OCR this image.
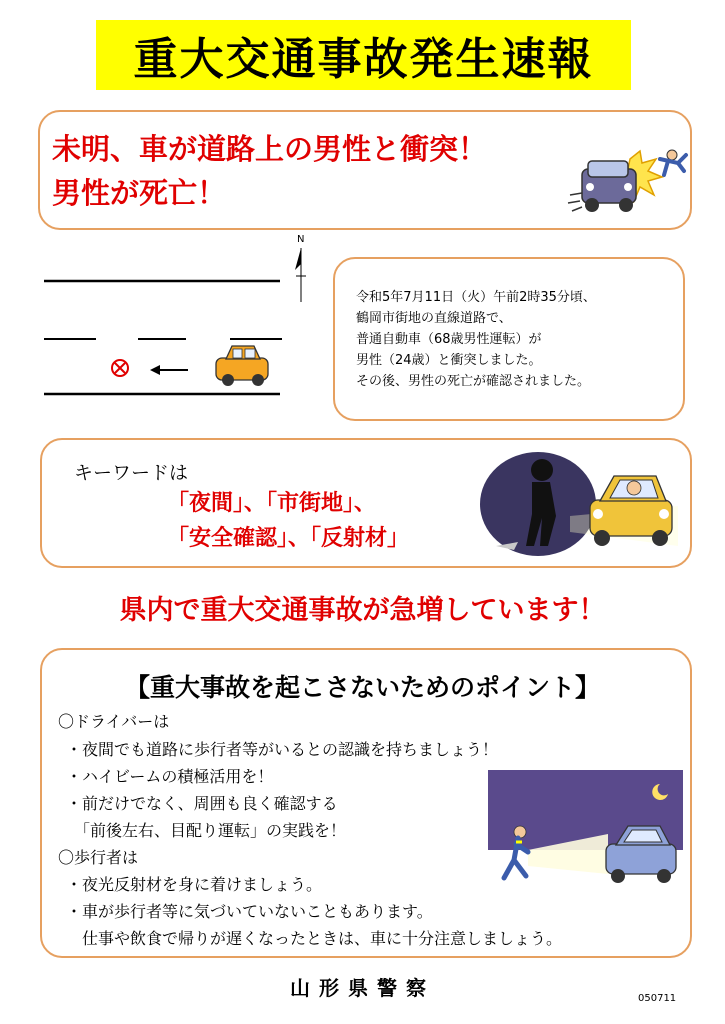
重大交通事故発生速報
未明、車が道路上の男性と衝突！
男性が死亡！
N
令和5年7月11日（火）午前2時35分頃、
鶴岡市街地の直線道路で、
普通自動車（68歳男性運転）が
男性（24歳）と衝突しました。
その後、男性の死亡が確認されました。
キーワードは
「夜間」、「市街地」、
「安全確認」、「反射材」
県内で重大交通事故が急増しています！
【重大事故を起こさないためのポイント】
〇ドライバーは
・夜間でも道路に歩行者等がいるとの認識を持ちましょう！
・ハイビームの積極活用を！
・前だけでなく、周囲も良く確認する
　「前後左右、目配り運転」の実践を！
〇歩行者は
・夜光反射材を身に着けましょう。
・車が歩行者等に気づいていないこともあります。
　仕事や飲食で帰りが遅くなったときは、車に十分注意しましょう。
山形県警察	050711
